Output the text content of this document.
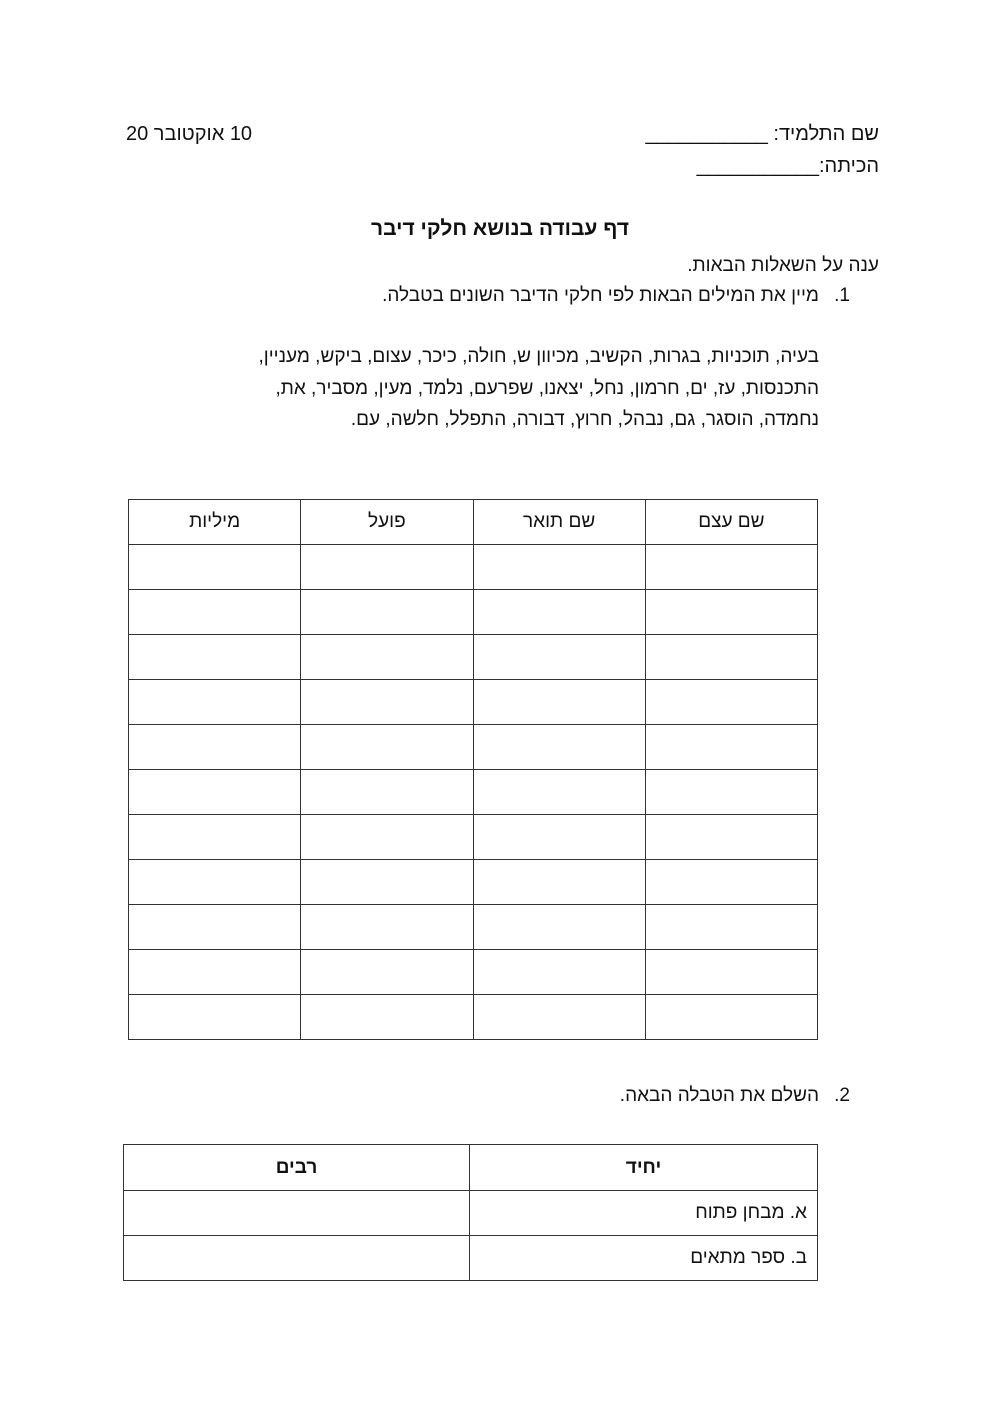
שם התלמיד: ___________
הכיתה:___________
10 אוקטובר 20
דף עבודה בנושא חלקי דיבר
ענה על השאלות הבאות.
1.
מיין את המילים הבאות לפי חלקי הדיבר השונים בטבלה.
בעיה, תוכניות, בגרות, הקשיב, מכיוון ש, חולה, כיכר, עצום, ביקש, מעניין,
התכנסות, עז, ים, חרמון, נחל, יצאנו, שפרעם, נלמד, מעין, מסביר, את,
נחמדה, הוסגר, גם, נבהל, חרוץ, דבורה, התפלל, חלשה, עם.
שם עצם	שם תואר	פועל	מיליות

2.
השלם את הטבלה הבאה.
יחיד	רבים
א. מבחן פתוח	
ב. ספר מתאים	
